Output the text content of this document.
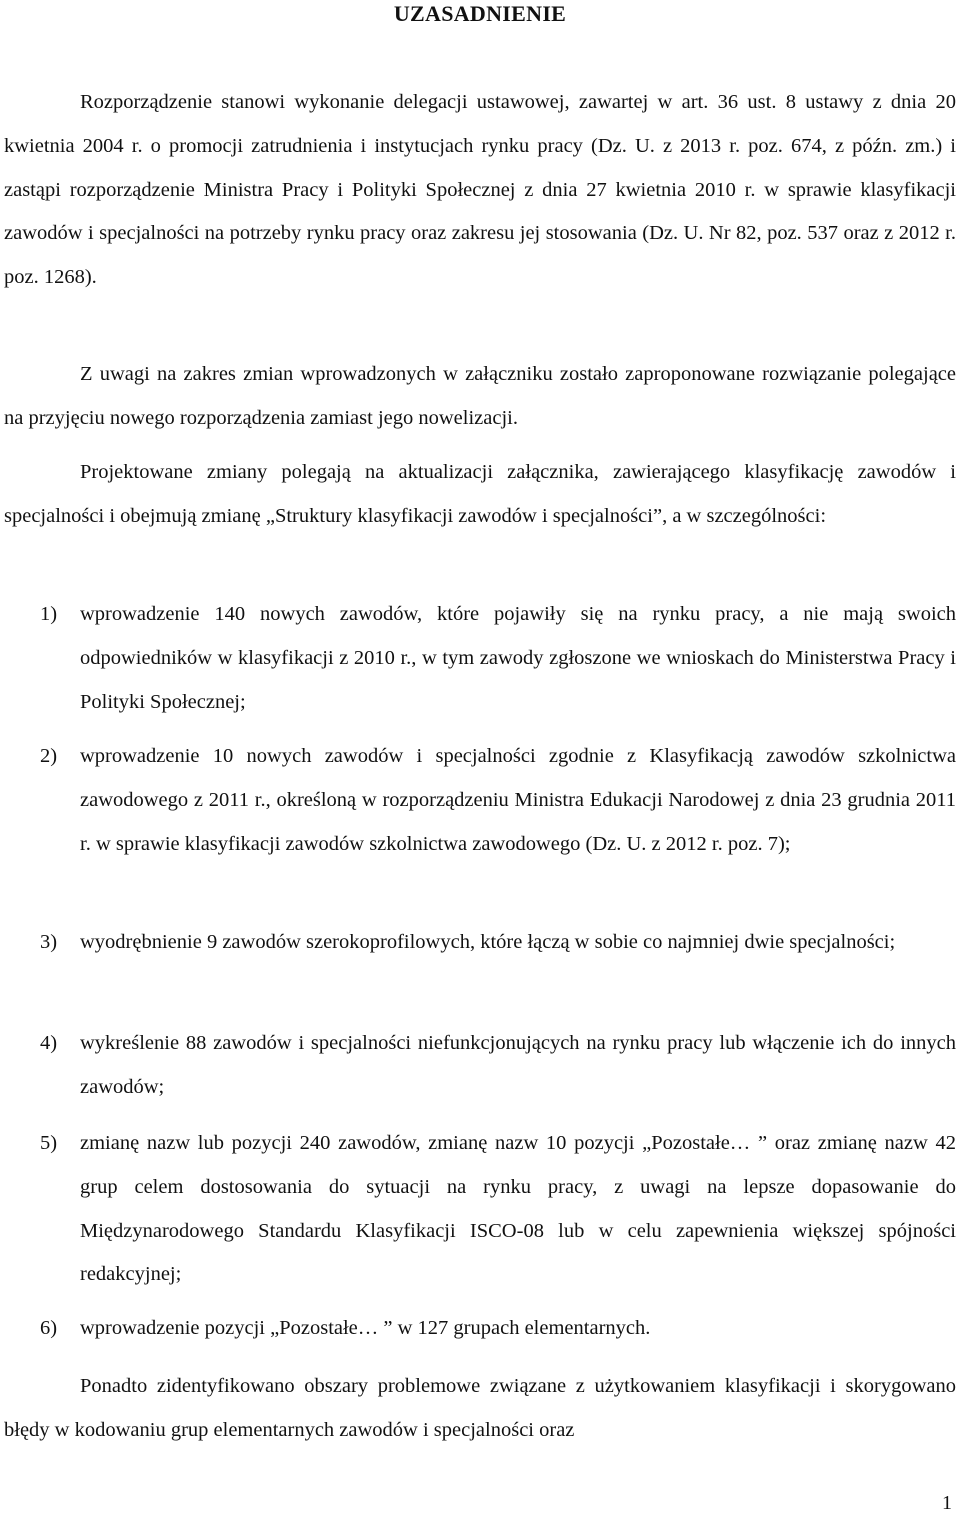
UZASADNIENIE
Rozporządzenie stanowi wykonanie delegacji ustawowej, zawartej w art. 36 ust. 8 ustawy z dnia 20 kwietnia 2004 r. o promocji zatrudnienia i instytucjach rynku pracy (Dz. U. z 2013 r. poz. 674, z późn. zm.) i zastąpi rozporządzenie Ministra Pracy i Polityki Społecznej z dnia 27 kwietnia 2010 r. w sprawie klasyfikacji zawodów i specjalności na potrzeby rynku pracy oraz zakresu jej stosowania (Dz. U. Nr 82, poz. 537 oraz z 2012 r. poz. 1268).
Z uwagi na zakres zmian wprowadzonych w załączniku zostało zaproponowane rozwiązanie polegające na przyjęciu nowego rozporządzenia zamiast jego nowelizacji.
Projektowane zmiany polegają na aktualizacji załącznika, zawierającego klasyfikację zawodów i specjalności i obejmują zmianę „Struktury klasyfikacji zawodów i specjalności”, a w szczególności:
1) wprowadzenie 140 nowych zawodów, które pojawiły się na rynku pracy, a nie mają swoich odpowiedników w klasyfikacji z 2010 r., w tym zawody zgłoszone we wnioskach do Ministerstwa Pracy i Polityki Społecznej;
2) wprowadzenie 10 nowych zawodów i specjalności zgodnie z Klasyfikacją zawodów szkolnictwa zawodowego z 2011 r., określoną w rozporządzeniu Ministra Edukacji Narodowej z dnia 23 grudnia 2011 r. w sprawie klasyfikacji zawodów szkolnictwa zawodowego (Dz. U. z 2012 r. poz. 7);
3) wyodrębnienie 9 zawodów szerokoprofilowych, które łączą w sobie co najmniej dwie specjalności;
4) wykreślenie 88 zawodów i specjalności niefunkcjonujących na rynku pracy lub włączenie ich do innych zawodów;
5) zmianę nazw lub pozycji 240 zawodów, zmianę nazw 10 pozycji „Pozostałe… ” oraz zmianę nazw 42 grup celem dostosowania do sytuacji na rynku pracy, z uwagi na lepsze dopasowanie do Międzynarodowego Standardu Klasyfikacji ISCO-08 lub w celu zapewnienia większej spójności redakcyjnej;
6) wprowadzenie pozycji „Pozostałe… ” w 127 grupach elementarnych.
Ponadto zidentyfikowano obszary problemowe związane z użytkowaniem klasyfikacji i skorygowano błędy w kodowaniu grup elementarnych zawodów i specjalności oraz
1
